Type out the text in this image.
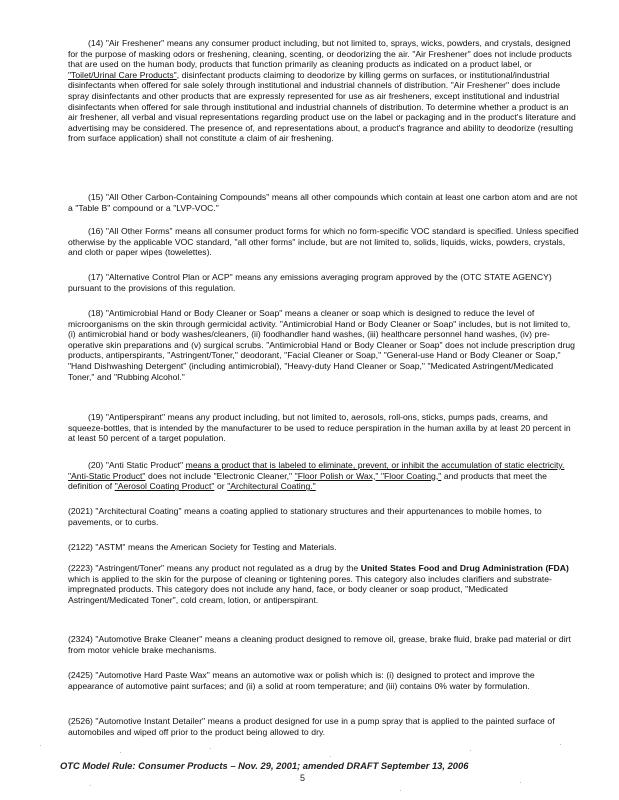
(14) "Air Freshener" means any consumer product including, but not limited to, sprays, wicks, powders, and crystals, designed for the purpose of masking odors or freshening, cleaning, scenting, or deodorizing the air. "Air Freshener" does not include products that are used on the human body, products that function primarily as cleaning products as indicated on a product label, or "Toilet/Urinal Care Products", disinfectant products claiming to deodorize by killing germs on surfaces, or institutional/industrial disinfectants when offered for sale solely through institutional and industrial channels of distribution. "Air Freshener" does include spray disinfectants and other products that are expressly represented for use as air fresheners, except institutional and industrial disinfectants when offered for sale through institutional and industrial channels of distribution. To determine whether a product is an air freshener, all verbal and visual representations regarding product use on the label or packaging and in the product's literature and advertising may be considered. The presence of, and representations about, a product's fragrance and ability to deodorize (resulting from surface application) shall not constitute a claim of air freshening.

(15) "All Other Carbon-Containing Compounds" means all other compounds which contain at least one carbon atom and are not a "Table B" compound or a "LVP-VOC."

(16) "All Other Forms" means all consumer product forms for which no form-specific VOC standard is specified. Unless specified otherwise by the applicable VOC standard, "all other forms" include, but are not limited to, solids, liquids, wicks, powders, crystals, and cloth or paper wipes (towelettes).

(17) "Alternative Control Plan or ACP" means any emissions averaging program approved by the (OTC STATE AGENCY) pursuant to the provisions of this regulation.

(18) "Antimicrobial Hand or Body Cleaner or Soap" means a cleaner or soap which is designed to reduce the level of microorganisms on the skin through germicidal activity. "Antimicrobial Hand or Body Cleaner or Soap" includes, but is not limited to, (i) antimicrobial hand or body washes/cleaners, (ii) foodhandler hand washes, (iii) healthcare personnel hand washes, (iv) pre-operative skin preparations and (v) surgical scrubs. "Antimicrobial Hand or Body Cleaner or Soap" does not include prescription drug products, antiperspirants, "Astringent/Toner," deodorant, "Facial Cleaner or Soap," "General-use Hand or Body Cleaner or Soap," "Hand Dishwashing Detergent" (including antimicrobial), "Heavy-duty Hand Cleaner or Soap," "Medicated Astringent/Medicated Toner," and "Rubbing Alcohol."

(19) "Antiperspirant" means any product including, but not limited to, aerosols, roll-ons, sticks, pumps pads, creams, and squeeze-bottles, that is intended by the manufacturer to be used to reduce perspiration in the human axilla by at least 20 percent in at least 50 percent of a target population.

(20) "Anti Static Product" means a product that is labeled to eliminate, prevent, or inhibit the accumulation of static electricity. "Anti-Static Product" does not include "Electronic Cleaner," "Floor Polish or Wax," "Floor Coating," and products that meet the definition of "Aerosol Coating Product" or "Architectural Coating."

(2021) "Architectural Coating" means a coating applied to stationary structures and their appurtenances to mobile homes, to pavements, or to curbs.

(2122) "ASTM" means the American Society for Testing and Materials.

(2223) "Astringent/Toner" means any product not regulated as a drug by the United States Food and Drug Administration (FDA) which is applied to the skin for the purpose of cleaning or tightening pores. This category also includes clarifiers and substrate-impregnated products. This category does not include any hand, face, or body cleaner or soap product, "Medicated Astringent/Medicated Toner", cold cream, lotion, or antiperspirant.

(2324) "Automotive Brake Cleaner" means a cleaning product designed to remove oil, grease, brake fluid, brake pad material or dirt from motor vehicle brake mechanisms.

(2425) "Automotive Hard Paste Wax" means an automotive wax or polish which is: (i) designed to protect and improve the appearance of automotive paint surfaces; and (ii) a solid at room temperature; and (iii) contains 0% water by formulation.

(2526) "Automotive Instant Detailer" means a product designed for use in a pump spray that is applied to the painted surface of automobiles and wiped off prior to the product being allowed to dry.

OTC Model Rule: Consumer Products – Nov. 29, 2001; amended DRAFT September 13, 2006
5
